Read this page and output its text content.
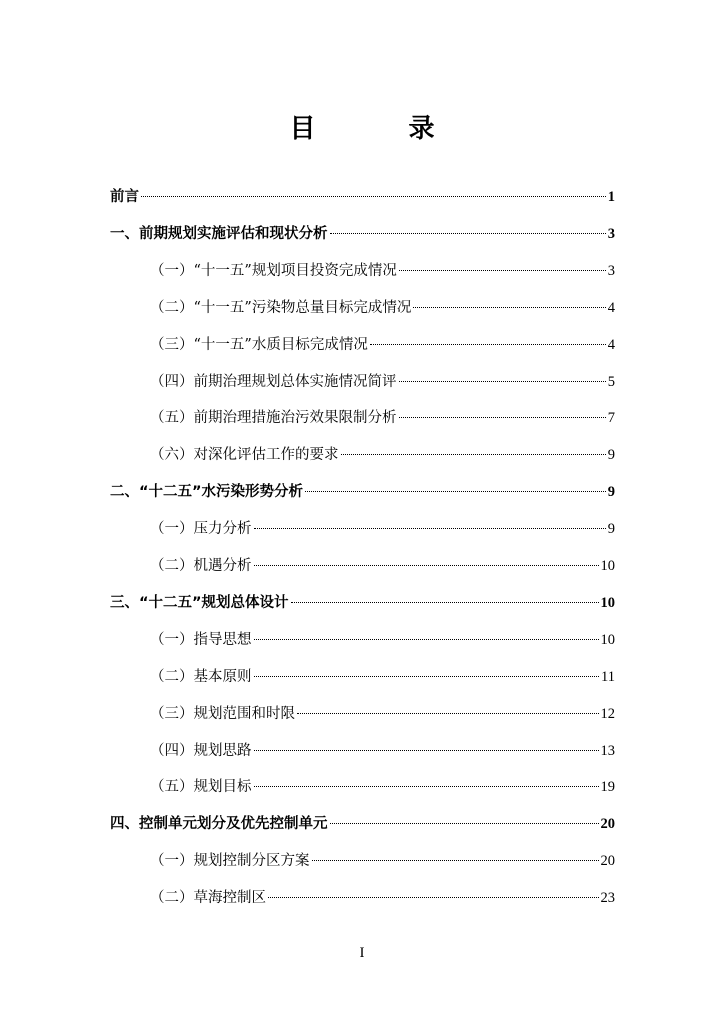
目 录
前言	1
一、前期规划实施评估和现状分析	3
（一）“十一五”规划项目投资完成情况	3
（二）“十一五”污染物总量目标完成情况	4
（三）“十一五”水质目标完成情况	4
（四）前期治理规划总体实施情况简评	5
（五）前期治理措施治污效果限制分析	7
（六）对深化评估工作的要求	9
二、“十二五”水污染形势分析	9
（一）压力分析	9
（二）机遇分析	10
三、“十二五”规划总体设计	10
（一）指导思想	10
（二）基本原则	11
（三）规划范围和时限	12
（四）规划思路	13
（五）规划目标	19
四、控制单元划分及优先控制单元	20
（一）规划控制分区方案	20
（二）草海控制区	23
I
